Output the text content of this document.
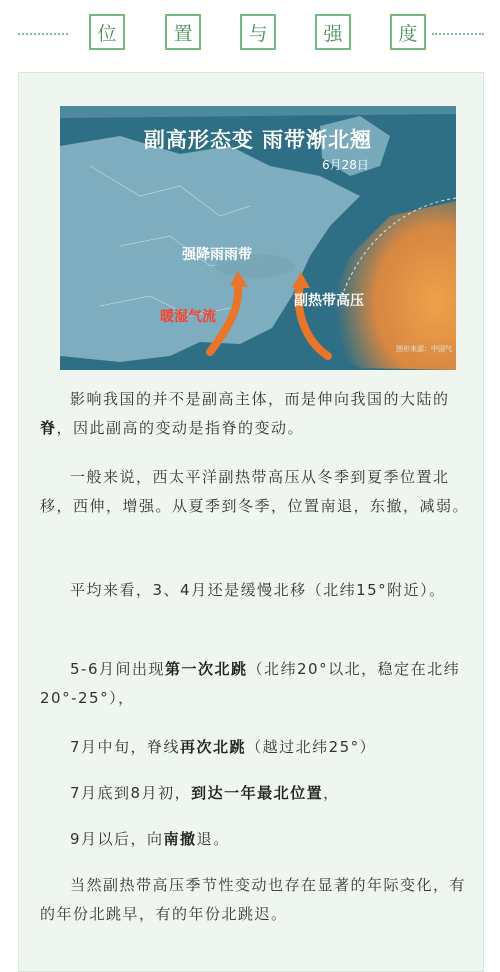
位	置	与	强	度
副高形态变 雨带渐北翘
6月28日
强降雨雨带
暖湿气流
副热带高压
图形来源：中国气

影响我国的并不是副高主体，而是伸向我国的大陆的脊，因此副高的变动是指脊的变动。

一般来说，西太平洋副热带高压从冬季到夏季位置北移，西伸，增强。从夏季到冬季，位置南退，东撤，减弱。

平均来看，3、4月还是缓慢北移（北纬15°附近）。

5-6月间出现第一次北跳（北纬20°以北，稳定在北纬20°-25°），

7月中旬，脊线再次北跳（越过北纬25°）

7月底到8月初，到达一年最北位置，

9月以后，向南撤退。

当然副热带高压季节性变动也存在显著的年际变化，有的年份北跳早，有的年份北跳迟。
